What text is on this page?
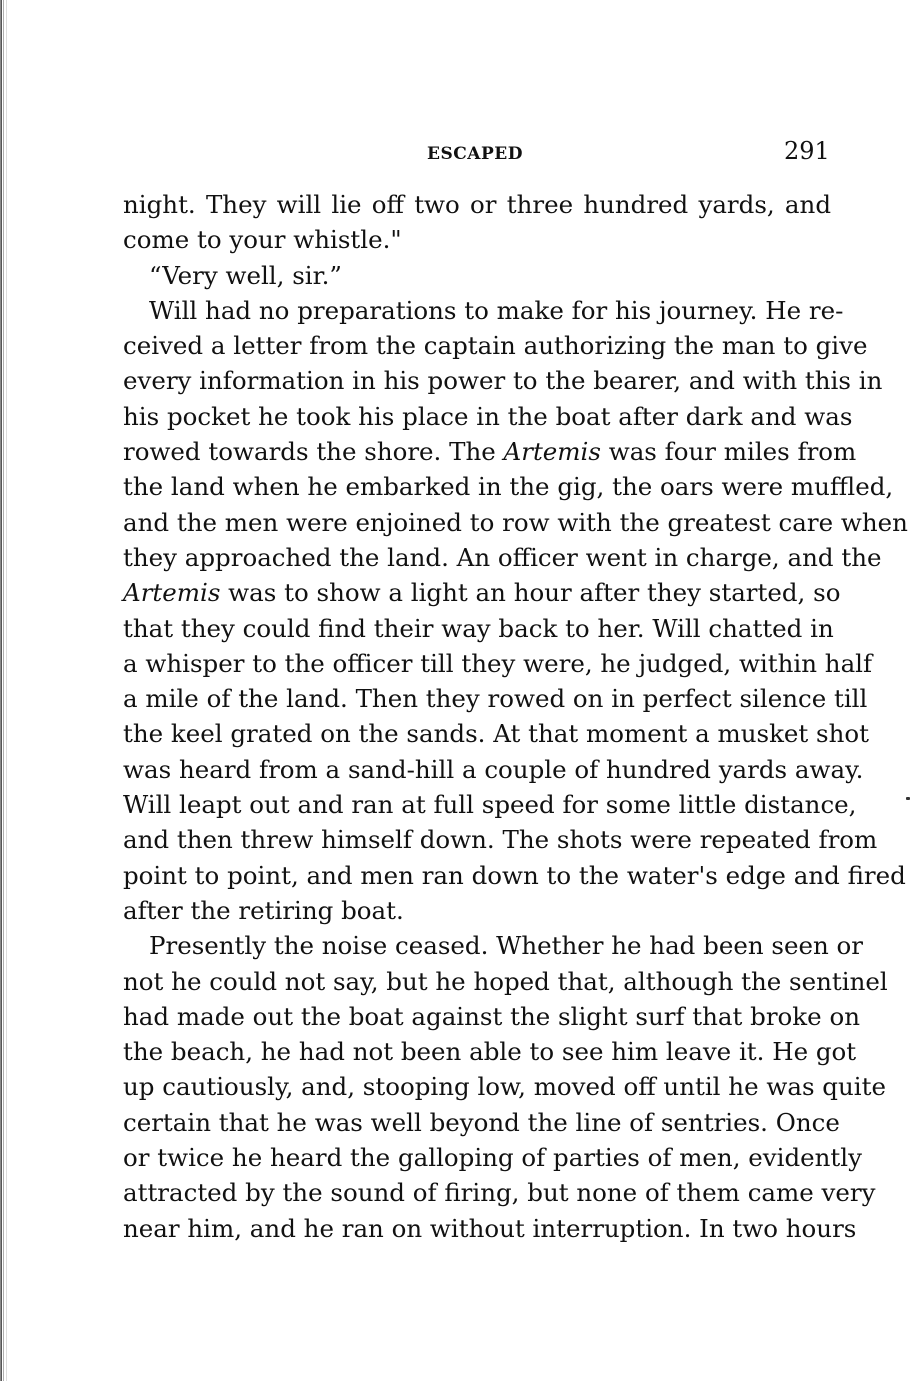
ESCAPED	291
night. They will lie off two or three hundred yards, and
come to your whistle."
“Very well, sir.”
Will had no preparations to make for his journey. He re-
ceived a letter from the captain authorizing the man to give
every information in his power to the bearer, and with this in
his pocket he took his place in the boat after dark and was
rowed towards the shore. The Artemis was four miles from
the land when he embarked in the gig, the oars were muffled,
and the men were enjoined to row with the greatest care when
they approached the land. An officer went in charge, and the
Artemis was to show a light an hour after they started, so
that they could find their way back to her. Will chatted in
a whisper to the officer till they were, he judged, within half
a mile of the land. Then they rowed on in perfect silence till
the keel grated on the sands. At that moment a musket shot
was heard from a sand-hill a couple of hundred yards away.
Will leapt out and ran at full speed for some little distance,
and then threw himself down. The shots were repeated from
point to point, and men ran down to the water's edge and fired
after the retiring boat.
Presently the noise ceased. Whether he had been seen or
not he could not say, but he hoped that, although the sentinel
had made out the boat against the slight surf that broke on
the beach, he had not been able to see him leave it. He got
up cautiously, and, stooping low, moved off until he was quite
certain that he was well beyond the line of sentries. Once
or twice he heard the galloping of parties of men, evidently
attracted by the sound of firing, but none of them came very
near him, and he ran on without interruption. In two hours
